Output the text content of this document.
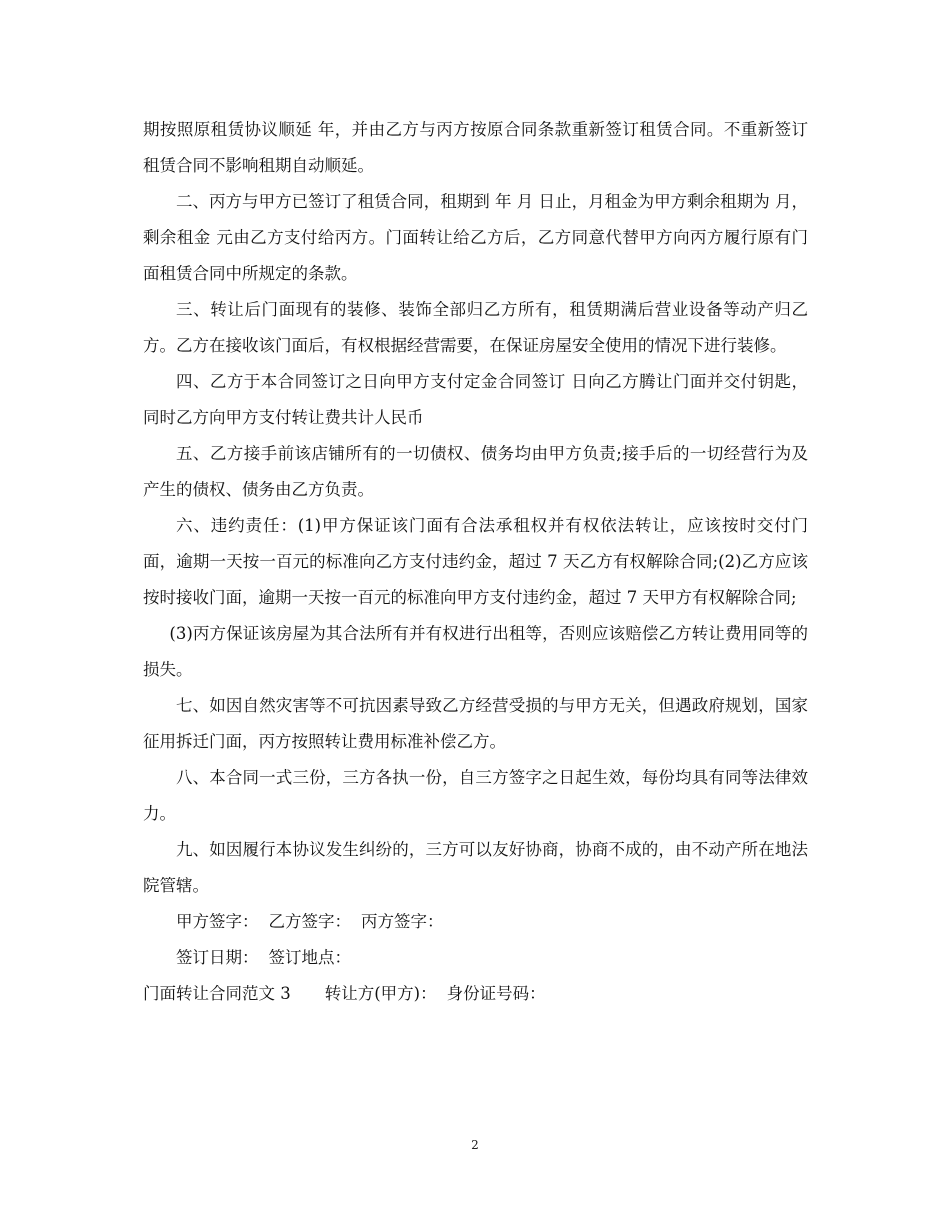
期按照原租赁协议顺延 年，并由乙方与丙方按原合同条款重新签订租赁合同。不重新签订租赁合同不影响租期自动顺延。

二、丙方与甲方已签订了租赁合同，租期到 年 月 日止，月租金为甲方剩余租期为 月，剩余租金 元由乙方支付给丙方。门面转让给乙方后，乙方同意代替甲方向丙方履行原有门面租赁合同中所规定的条款。

三、转让后门面现有的装修、装饰全部归乙方所有，租赁期满后营业设备等动产归乙方。乙方在接收该门面后，有权根据经营需要，在保证房屋安全使用的情况下进行装修。

四、乙方于本合同签订之日向甲方支付定金合同签订 日向乙方腾让门面并交付钥匙，同时乙方向甲方支付转让费共计人民币

五、乙方接手前该店铺所有的一切债权、债务均由甲方负责;接手后的一切经营行为及产生的债权、债务由乙方负责。

六、违约责任：(1)甲方保证该门面有合法承租权并有权依法转让，应该按时交付门面，逾期一天按一百元的标准向乙方支付违约金，超过 7 天乙方有权解除合同;(2)乙方应该按时接收门面，逾期一天按一百元的标准向甲方支付违约金，超过 7 天甲方有权解除合同;

(3)丙方保证该房屋为其合法所有并有权进行出租等，否则应该赔偿乙方转让费用同等的损失。

七、如因自然灾害等不可抗因素导致乙方经营受损的与甲方无关，但遇政府规划，国家征用拆迁门面，丙方按照转让费用标准补偿乙方。

八、本合同一式三份，三方各执一份，自三方签字之日起生效，每份均具有同等法律效力。

九、如因履行本协议发生纠纷的，三方可以友好协商，协商不成的，由不动产所在地法院管辖。

甲方签字： 乙方签字： 丙方签字：

签订日期： 签订地点：

门面转让合同范文 3 转让方(甲方)： 身份证号码：

2
